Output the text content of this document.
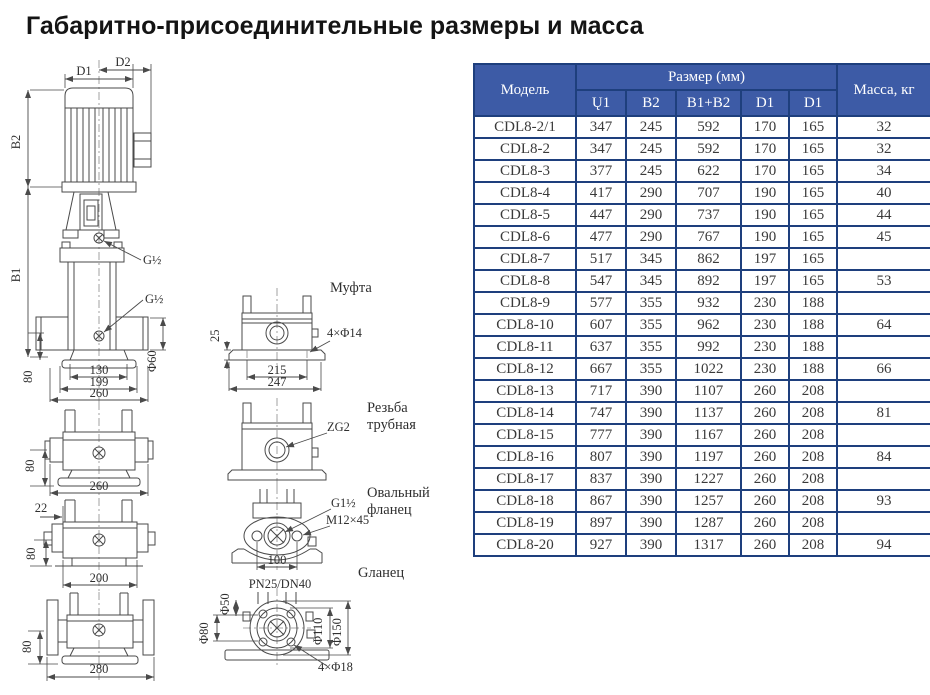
Габаритно-присоединительные размеры и масса
D1
D2
B2
B1
G½
G½
Φ60
80	130
199
260
Муфта
25
215
247
4×Φ14
80
260
Резьба
трубная
ZG2
22
80
200
Овальный
фланец
G1½
M12×45
100
80
280
Gланец
PN25/DN40
Φ50
Φ80	Φ110 Φ150
4×Φ18
Модель	Размер (мм)					Масса, кг
	Ų1	B2	B1+B2	D1	D1	
CDL8-2/1	347	245	592	170	165	32
CDL8-2	347	245	592	170	165	32
CDL8-3	377	245	622	170	165	34
CDL8-4	417	290	707	190	165	40
CDL8-5	447	290	737	190	165	44
CDL8-6	477	290	767	190	165	45
CDL8-7	517	345	862	197	165	
CDL8-8	547	345	892	197	165	53
CDL8-9	577	355	932	230	188	
CDL8-10	607	355	962	230	188	64
CDL8-11	637	355	992	230	188	
CDL8-12	667	355	1022	230	188	66
CDL8-13	717	390	1107	260	208	
CDL8-14	747	390	1137	260	208	81
CDL8-15	777	390	1167	260	208	
CDL8-16	807	390	1197	260	208	84
CDL8-17	837	390	1227	260	208	
CDL8-18	867	390	1257	260	208	93
CDL8-19	897	390	1287	260	208	
CDL8-20	927	390	1317	260	208	94
